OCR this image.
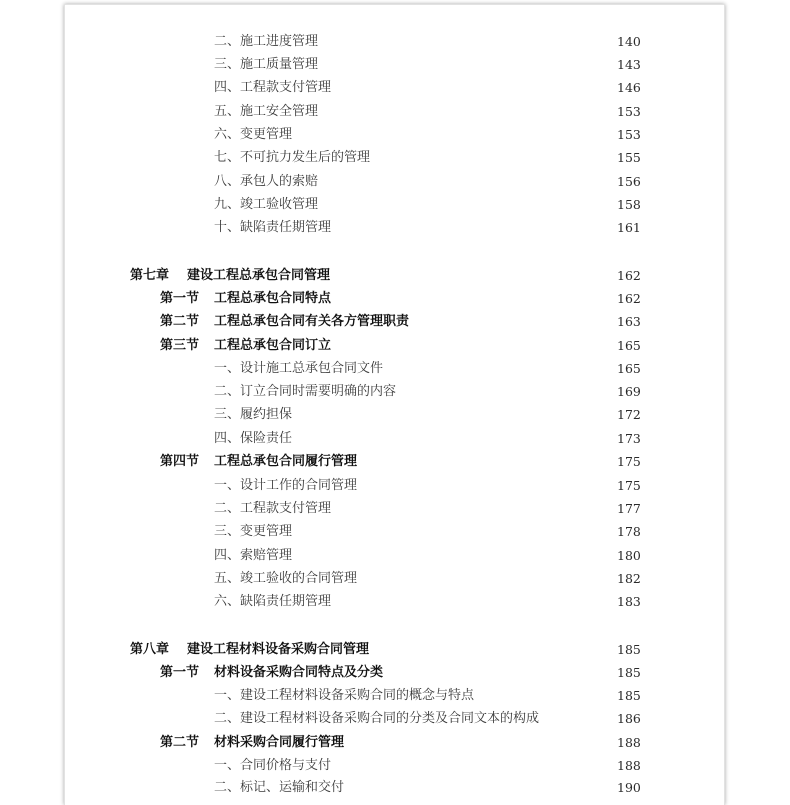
二、施工进度管理	140
三、施工质量管理	143
四、工程款支付管理	146
五、施工安全管理	153
六、变更管理	153
七、不可抗力发生后的管理	155
八、承包人的索赔	156
九、竣工验收管理	158
十、缺陷责任期管理	161
第七章 建设工程总承包合同管理	162
第一节 工程总承包合同特点	162
第二节 工程总承包合同有关各方管理职责	163
第三节 工程总承包合同订立	165
一、设计施工总承包合同文件	165
二、订立合同时需要明确的内容	169
三、履约担保	172
四、保险责任	173
第四节 工程总承包合同履行管理	175
一、设计工作的合同管理	175
二、工程款支付管理	177
三、变更管理	178
四、索赔管理	180
五、竣工验收的合同管理	182
六、缺陷责任期管理	183
第八章 建设工程材料设备采购合同管理	185
第一节 材料设备采购合同特点及分类	185
一、建设工程材料设备采购合同的概念与特点	185
二、建设工程材料设备采购合同的分类及合同文本的构成	186
第二节 材料采购合同履行管理	188
一、合同价格与支付	188
二、标记、运输和交付	190
